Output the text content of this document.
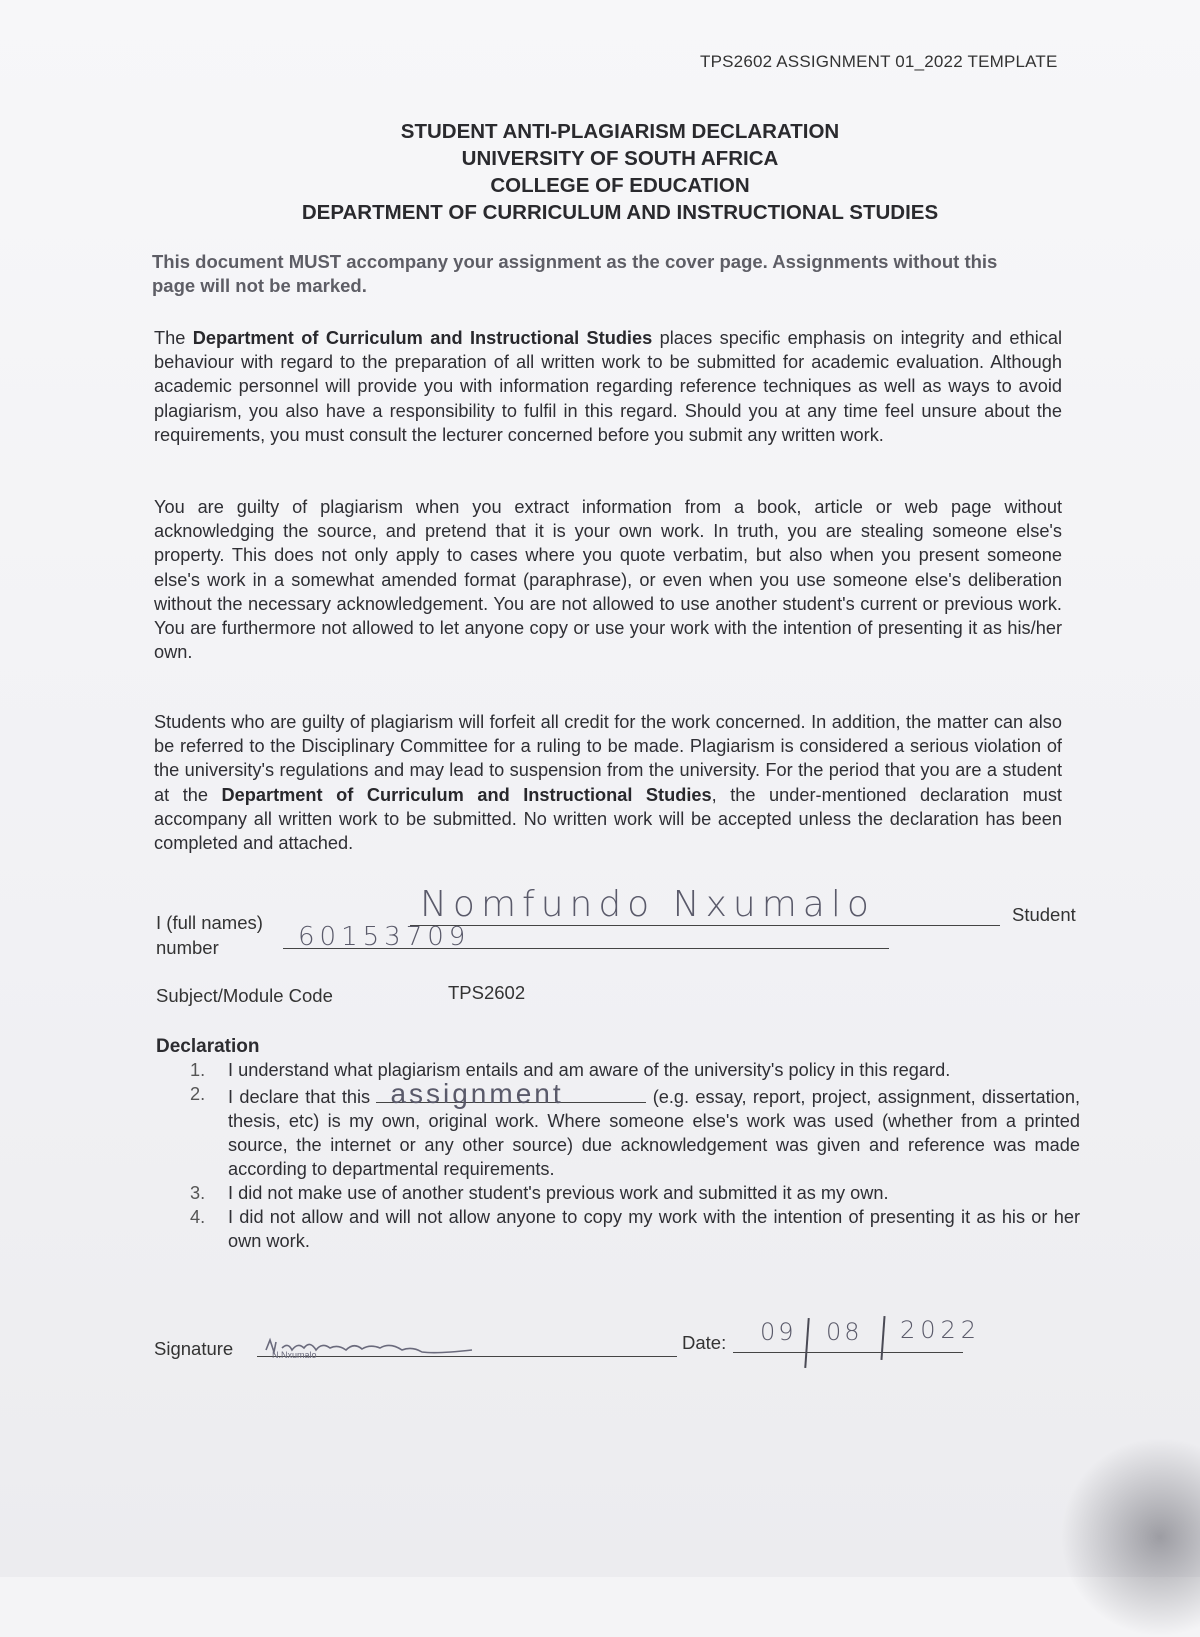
TPS2602 ASSIGNMENT 01_2022 TEMPLATE
STUDENT ANTI-PLAGIARISM DECLARATION
UNIVERSITY OF SOUTH AFRICA
COLLEGE OF EDUCATION
DEPARTMENT OF CURRICULUM AND INSTRUCTIONAL STUDIES
This document MUST accompany your assignment as the cover page. Assignments without this page will not be marked.
The Department of Curriculum and Instructional Studies places specific emphasis on integrity and ethical behaviour with regard to the preparation of all written work to be submitted for academic evaluation. Although academic personnel will provide you with information regarding reference techniques as well as ways to avoid plagiarism, you also have a responsibility to fulfil in this regard. Should you at any time feel unsure about the requirements, you must consult the lecturer concerned before you submit any written work.
You are guilty of plagiarism when you extract information from a book, article or web page without acknowledging the source, and pretend that it is your own work. In truth, you are stealing someone else's property. This does not only apply to cases where you quote verbatim, but also when you present someone else's work in a somewhat amended format (paraphrase), or even when you use someone else's deliberation without the necessary acknowledgement. You are not allowed to use another student's current or previous work. You are furthermore not allowed to let anyone copy or use your work with the intention of presenting it as his/her own.
Students who are guilty of plagiarism will forfeit all credit for the work concerned. In addition, the matter can also be referred to the Disciplinary Committee for a ruling to be made. Plagiarism is considered a serious violation of the university's regulations and may lead to suspension from the university. For the period that you are a student at the Department of Curriculum and Instructional Studies, the under-mentioned declaration must accompany all written work to be submitted. No written work will be accepted unless the declaration has been completed and attached.
I (full names)	Nomfundo Nxumalo	Student
number	60153709
Subject/Module Code	TPS2602
Declaration
1.	I understand what plagiarism entails and am aware of the university's policy in this regard.
2.	I declare that this assignment	(e.g. essay, report, project, assignment, dissertation, thesis, etc) is my own, original work. Where someone else's work was used (whether from a printed source, the internet or any other source) due acknowledgement was given and reference was made according to departmental requirements.
3.	I did not make use of another student's previous work and submitted it as my own.
4.	I did not allow and will not allow anyone to copy my work with the intention of presenting it as his or her own work.
Signature	N.Nxumalo
Date: 09 08 2022
